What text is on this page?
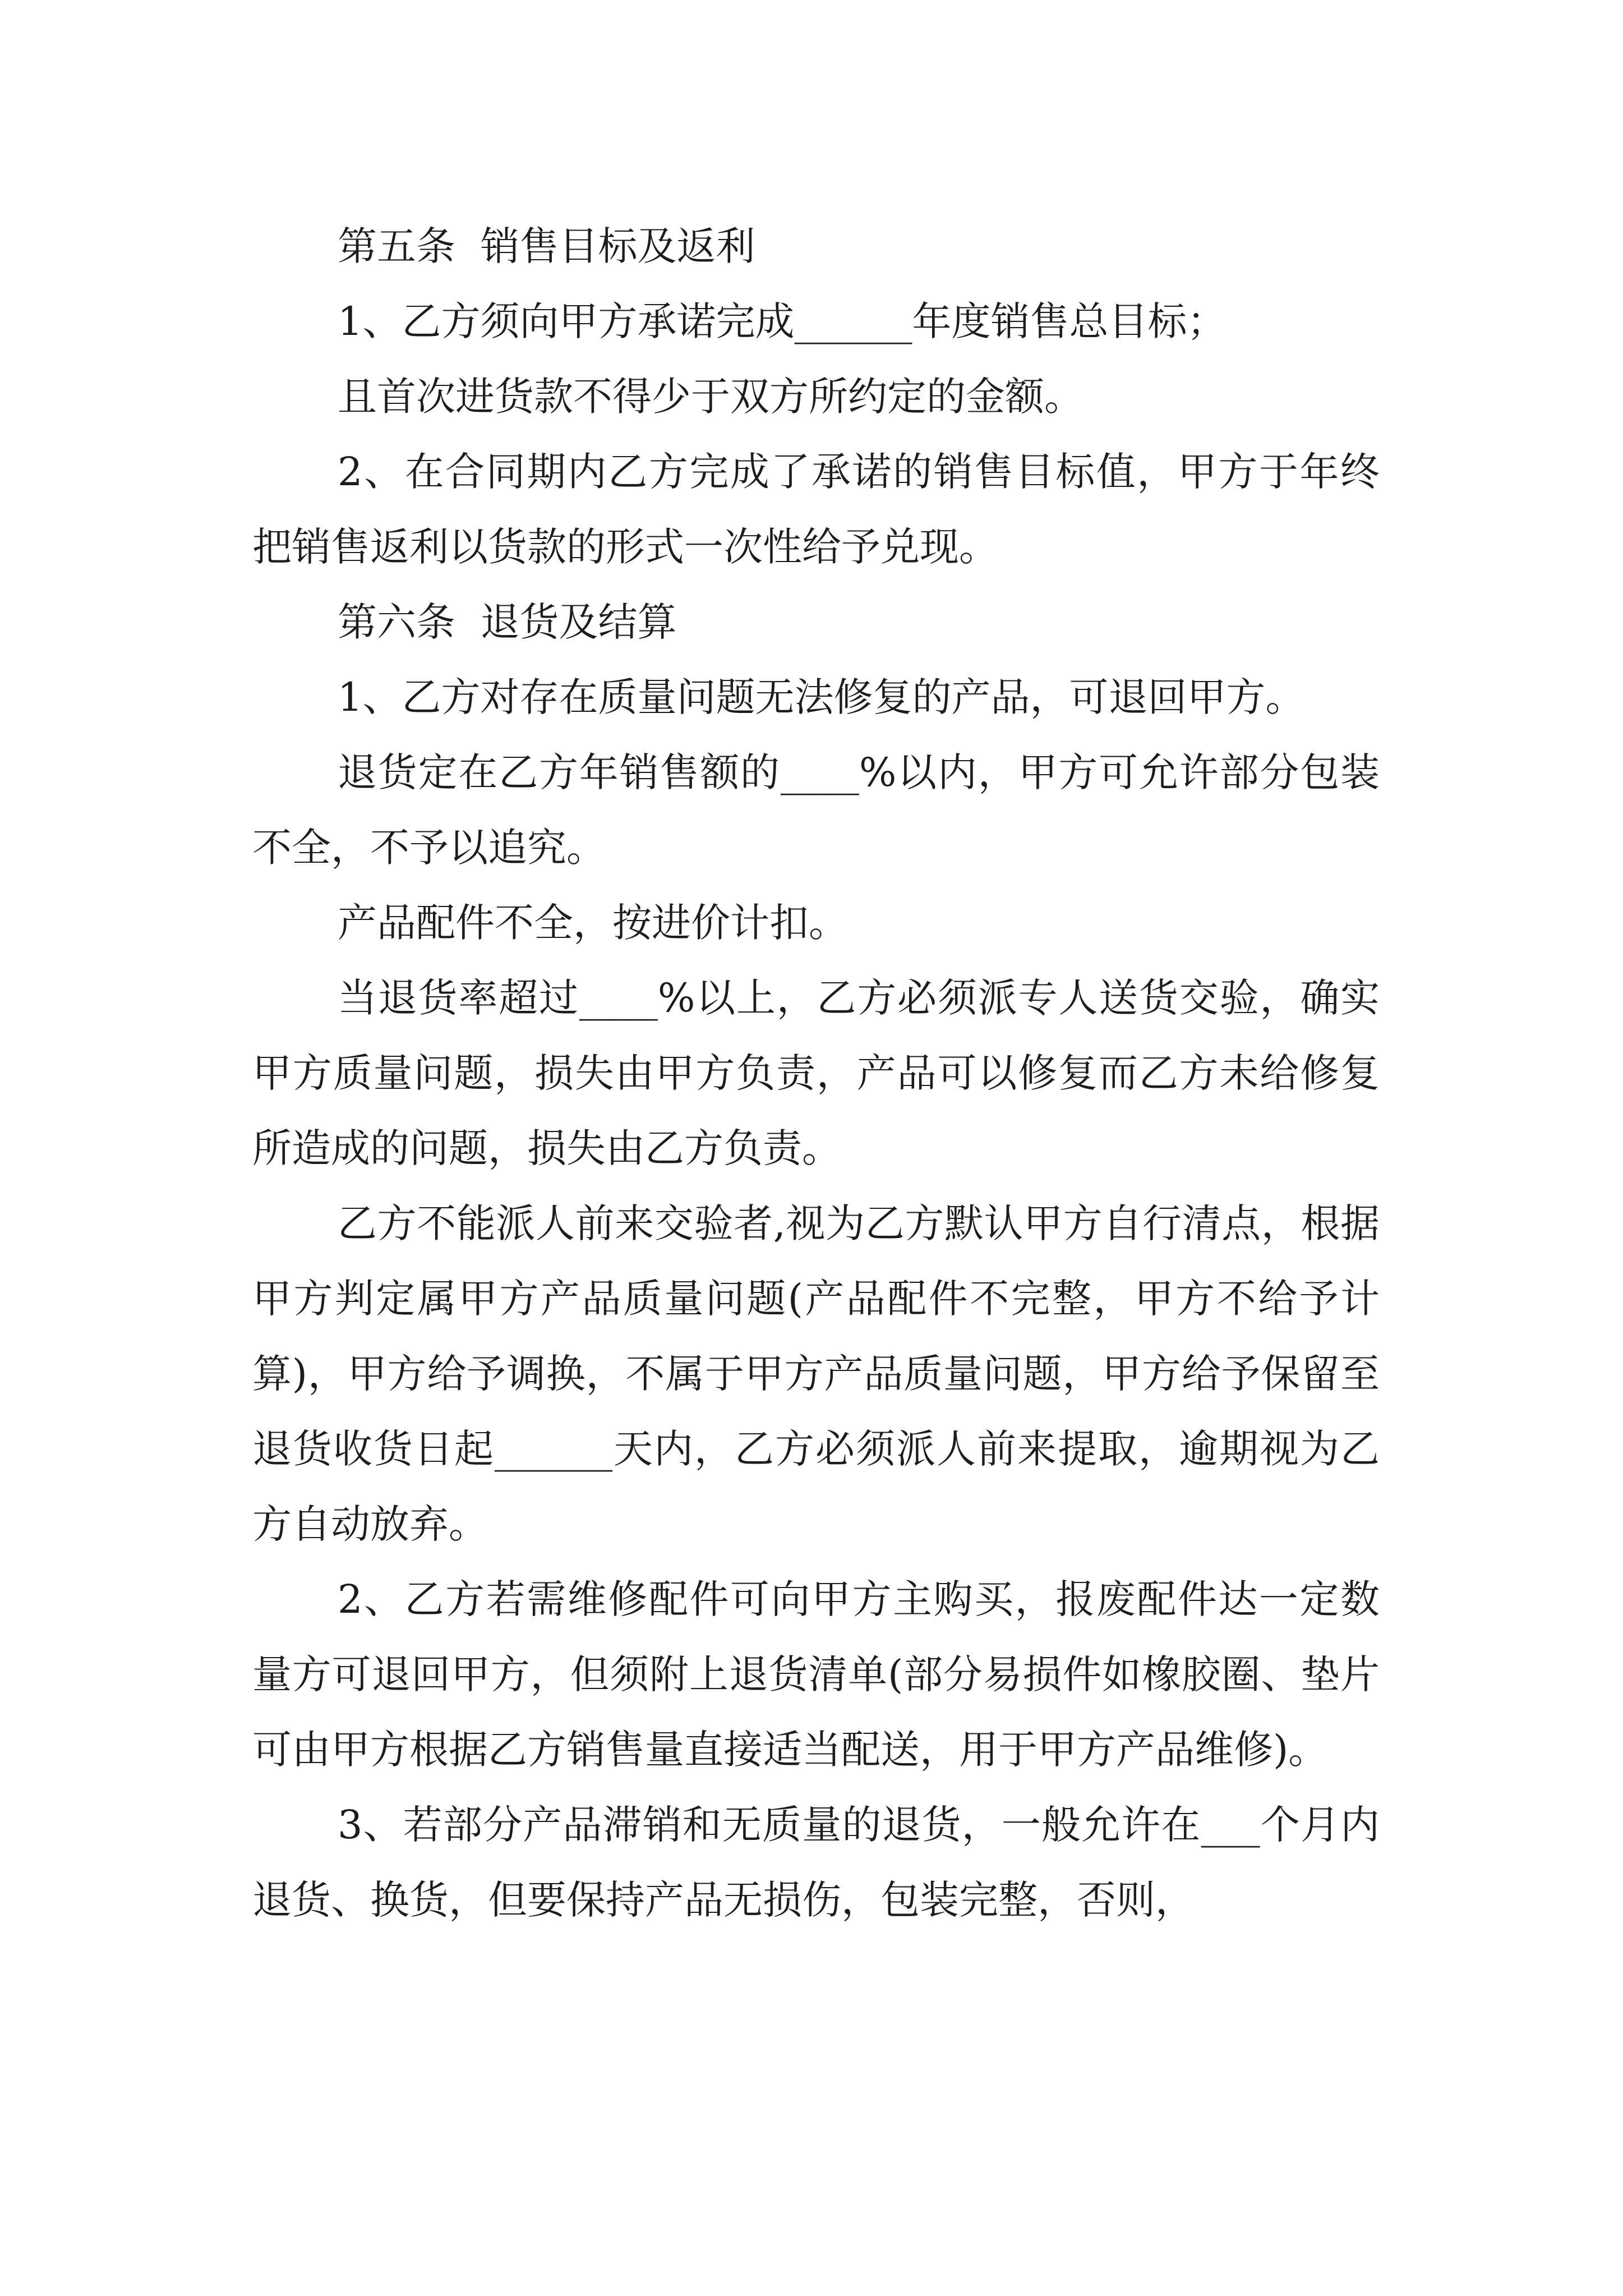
第五条  销售目标及返利

1、乙方须向甲方承诺完成______年度销售总目标；

且首次进货款不得少于双方所约定的金额。

2、在合同期内乙方完成了承诺的销售目标值，甲方于年终把销售返利以货款的形式一次性给予兑现。

第六条  退货及结算

1、乙方对存在质量问题无法修复的产品，可退回甲方。

退货定在乙方年销售额的____%以内，甲方可允许部分包装不全，不予以追究。

产品配件不全，按进价计扣。

当退货率超过____%以上，乙方必须派专人送货交验，确实甲方质量问题，损失由甲方负责，产品可以修复而乙方未给修复所造成的问题，损失由乙方负责。

乙方不能派人前来交验者,视为乙方默认甲方自行清点，根据甲方判定属甲方产品质量问题(产品配件不完整，甲方不给予计算)，甲方给予调换，不属于甲方产品质量问题，甲方给予保留至退货收货日起______天内，乙方必须派人前来提取，逾期视为乙方自动放弃。

2、乙方若需维修配件可向甲方主购买，报废配件达一定数量方可退回甲方，但须附上退货清单(部分易损件如橡胶圈、垫片可由甲方根据乙方销售量直接适当配送，用于甲方产品维修)。

3、若部分产品滞销和无质量的退货，一般允许在___个月内退货、换货，但要保持产品无损伤，包装完整，否则，
